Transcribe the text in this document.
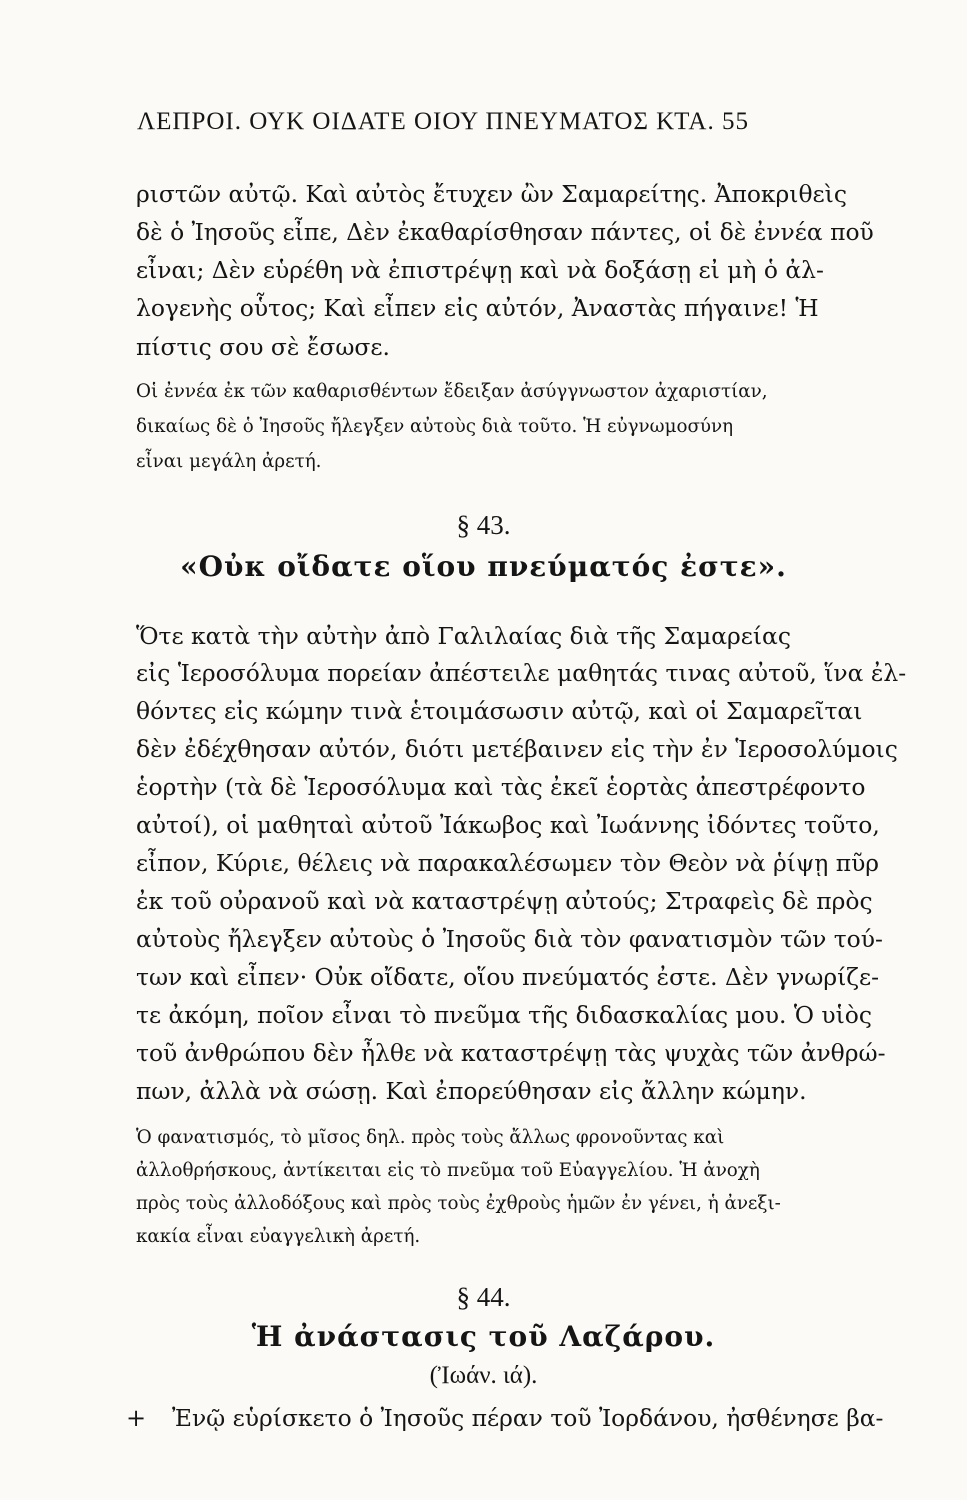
ΛΕΠΡΟΙ. ΟΥΚ ΟΙΔΑΤΕ ΟΙΟΥ ΠΝΕΥΜΑΤΟΣ ΚΤΑ. 55
ριστῶν αὐτῷ. Καὶ αὐτὸς ἔτυχεν ὢν Σαμαρείτης. Ἀποκριθεὶς
δὲ ὁ Ἰησοῦς εἶπε, Δὲν ἐκαθαρίσθησαν πάντες, οἱ δὲ ἐννέα ποῦ
εἶναι; Δὲν εὑρέθη νὰ ἐπιστρέψῃ καὶ νὰ δοξάσῃ εἰ μὴ ὁ ἀλ-
λογενὴς οὗτος; Καὶ εἶπεν εἰς αὐτόν, Ἀναστὰς πήγαινε! Ἡ
πίστις σου σὲ ἔσωσε.
Οἱ ἐννέα ἐκ τῶν καθαρισθέντων ἔδειξαν ἀσύγγνωστον ἀχαριστίαν,
δικαίως δὲ ὁ Ἰησοῦς ἤλεγξεν αὐτοὺς διὰ τοῦτο. Ἡ εὐγνωμοσύνη
εἶναι μεγάλη ἀρετή.
§ 43.
«Οὐκ οἴδατε οἵου πνεύματός ἐστε».
Ὅτε κατὰ τὴν αὐτὴν ἀπὸ Γαλιλαίας διὰ τῆς Σαμαρείας
εἰς Ἱεροσόλυμα πορείαν ἀπέστειλε μαθητάς τινας αὐτοῦ, ἵνα ἐλ-
θόντες εἰς κώμην τινὰ ἑτοιμάσωσιν αὐτῷ, καὶ οἱ Σαμαρεῖται
δὲν ἐδέχθησαν αὐτόν, διότι μετέβαινεν εἰς τὴν ἐν Ἱεροσολύμοις
ἑορτὴν (τὰ δὲ Ἱεροσόλυμα καὶ τὰς ἐκεῖ ἑορτὰς ἀπεστρέφοντο
αὐτοί), οἱ μαθηταὶ αὐτοῦ Ἰάκωβος καὶ Ἰωάννης ἰδόντες τοῦτο,
εἶπον, Κύριε, θέλεις νὰ παρακαλέσωμεν τὸν Θεὸν νὰ ῥίψῃ πῦρ
ἐκ τοῦ οὐρανοῦ καὶ νὰ καταστρέψῃ αὐτούς; Στραφεὶς δὲ πρὸς
αὐτοὺς ἤλεγξεν αὐτοὺς ὁ Ἰησοῦς διὰ τὸν φανατισμὸν τῶν τού-
των καὶ εἶπεν· Οὐκ οἴδατε, οἵου πνεύματός ἐστε. Δὲν γνωρίζε-
τε ἀκόμη, ποῖον εἶναι τὸ πνεῦμα τῆς διδασκαλίας μου. Ὁ υἱὸς
τοῦ ἀνθρώπου δὲν ἦλθε νὰ καταστρέψῃ τὰς ψυχὰς τῶν ἀνθρώ-
πων, ἀλλὰ νὰ σώσῃ. Καὶ ἐπορεύθησαν εἰς ἄλλην κώμην.
Ὁ φανατισμός, τὸ μῖσος δηλ. πρὸς τοὺς ἄλλως φρονοῦντας καὶ
ἀλλοθρήσκους, ἀντίκειται εἰς τὸ πνεῦμα τοῦ Εὐαγγελίου. Ἡ ἀνοχὴ
πρὸς τοὺς ἀλλοδόξους καὶ πρὸς τοὺς ἐχθροὺς ἡμῶν ἐν γένει, ἡ ἀνεξι-
κακία εἶναι εὐαγγελικὴ ἀρετή.
§ 44.
Ἡ ἀνάστασις τοῦ Λαζάρου.
(Ἰωάν. ιά).
+ Ἐνῷ εὑρίσκετο ὁ Ἰησοῦς πέραν τοῦ Ἰορδάνου, ἠσθένησε βα-
